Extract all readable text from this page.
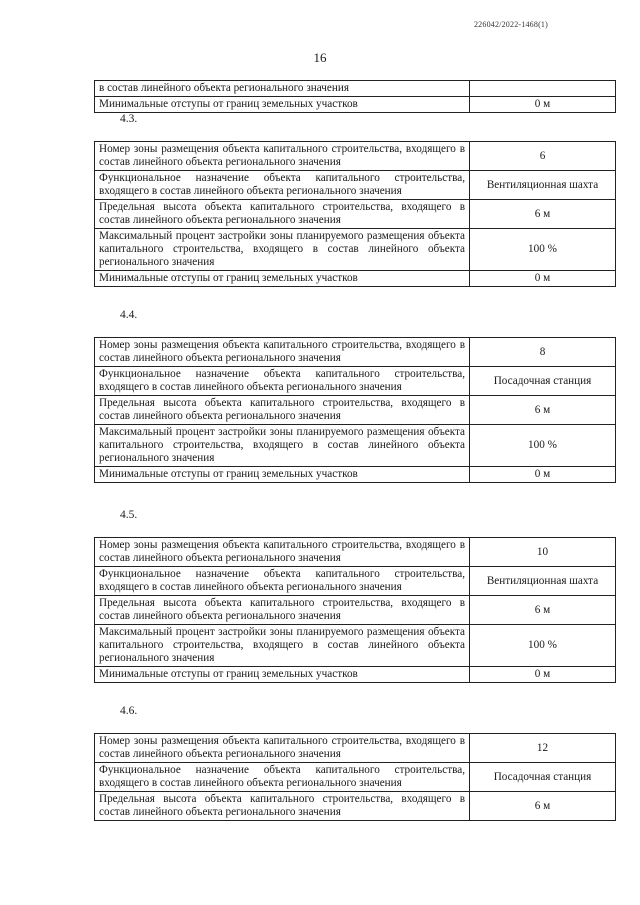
226042/2022-1468(1)
16
в состав линейного объекта регионального значения	
Минимальные отступы от границ земельных участков	0 м
4.3.
Номер зоны размещения объекта капитального строительства, входящего в состав линейного объекта регионального значения	6
Функциональное назначение объекта капитального строительства, входящего в состав линейного объекта регионального значения	Вентиляционная шахта
Предельная высота объекта капитального строительства, входящего в состав линейного объекта регионального значения	6 м
Максимальный процент застройки зоны планируемого размещения объекта капитального строительства, входящего в состав линейного объекта регионального значения	100 %
Минимальные отступы от границ земельных участков	0 м
4.4.
Номер зоны размещения объекта капитального строительства, входящего в состав линейного объекта регионального значения	8
Функциональное назначение объекта капитального строительства, входящего в состав линейного объекта регионального значения	Посадочная станция
Предельная высота объекта капитального строительства, входящего в состав линейного объекта регионального значения	6 м
Максимальный процент застройки зоны планируемого размещения объекта капитального строительства, входящего в состав линейного объекта регионального значения	100 %
Минимальные отступы от границ земельных участков	0 м
4.5.
Номер зоны размещения объекта капитального строительства, входящего в состав линейного объекта регионального значения	10
Функциональное назначение объекта капитального строительства, входящего в состав линейного объекта регионального значения	Вентиляционная шахта
Предельная высота объекта капитального строительства, входящего в состав линейного объекта регионального значения	6 м
Максимальный процент застройки зоны планируемого размещения объекта капитального строительства, входящего в состав линейного объекта регионального значения	100 %
Минимальные отступы от границ земельных участков	0 м
4.6.
Номер зоны размещения объекта капитального строительства, входящего в состав линейного объекта регионального значения	12
Функциональное назначение объекта капитального строительства, входящего в состав линейного объекта регионального значения	Посадочная станция
Предельная высота объекта капитального строительства, входящего в состав линейного объекта регионального значения	6 м
